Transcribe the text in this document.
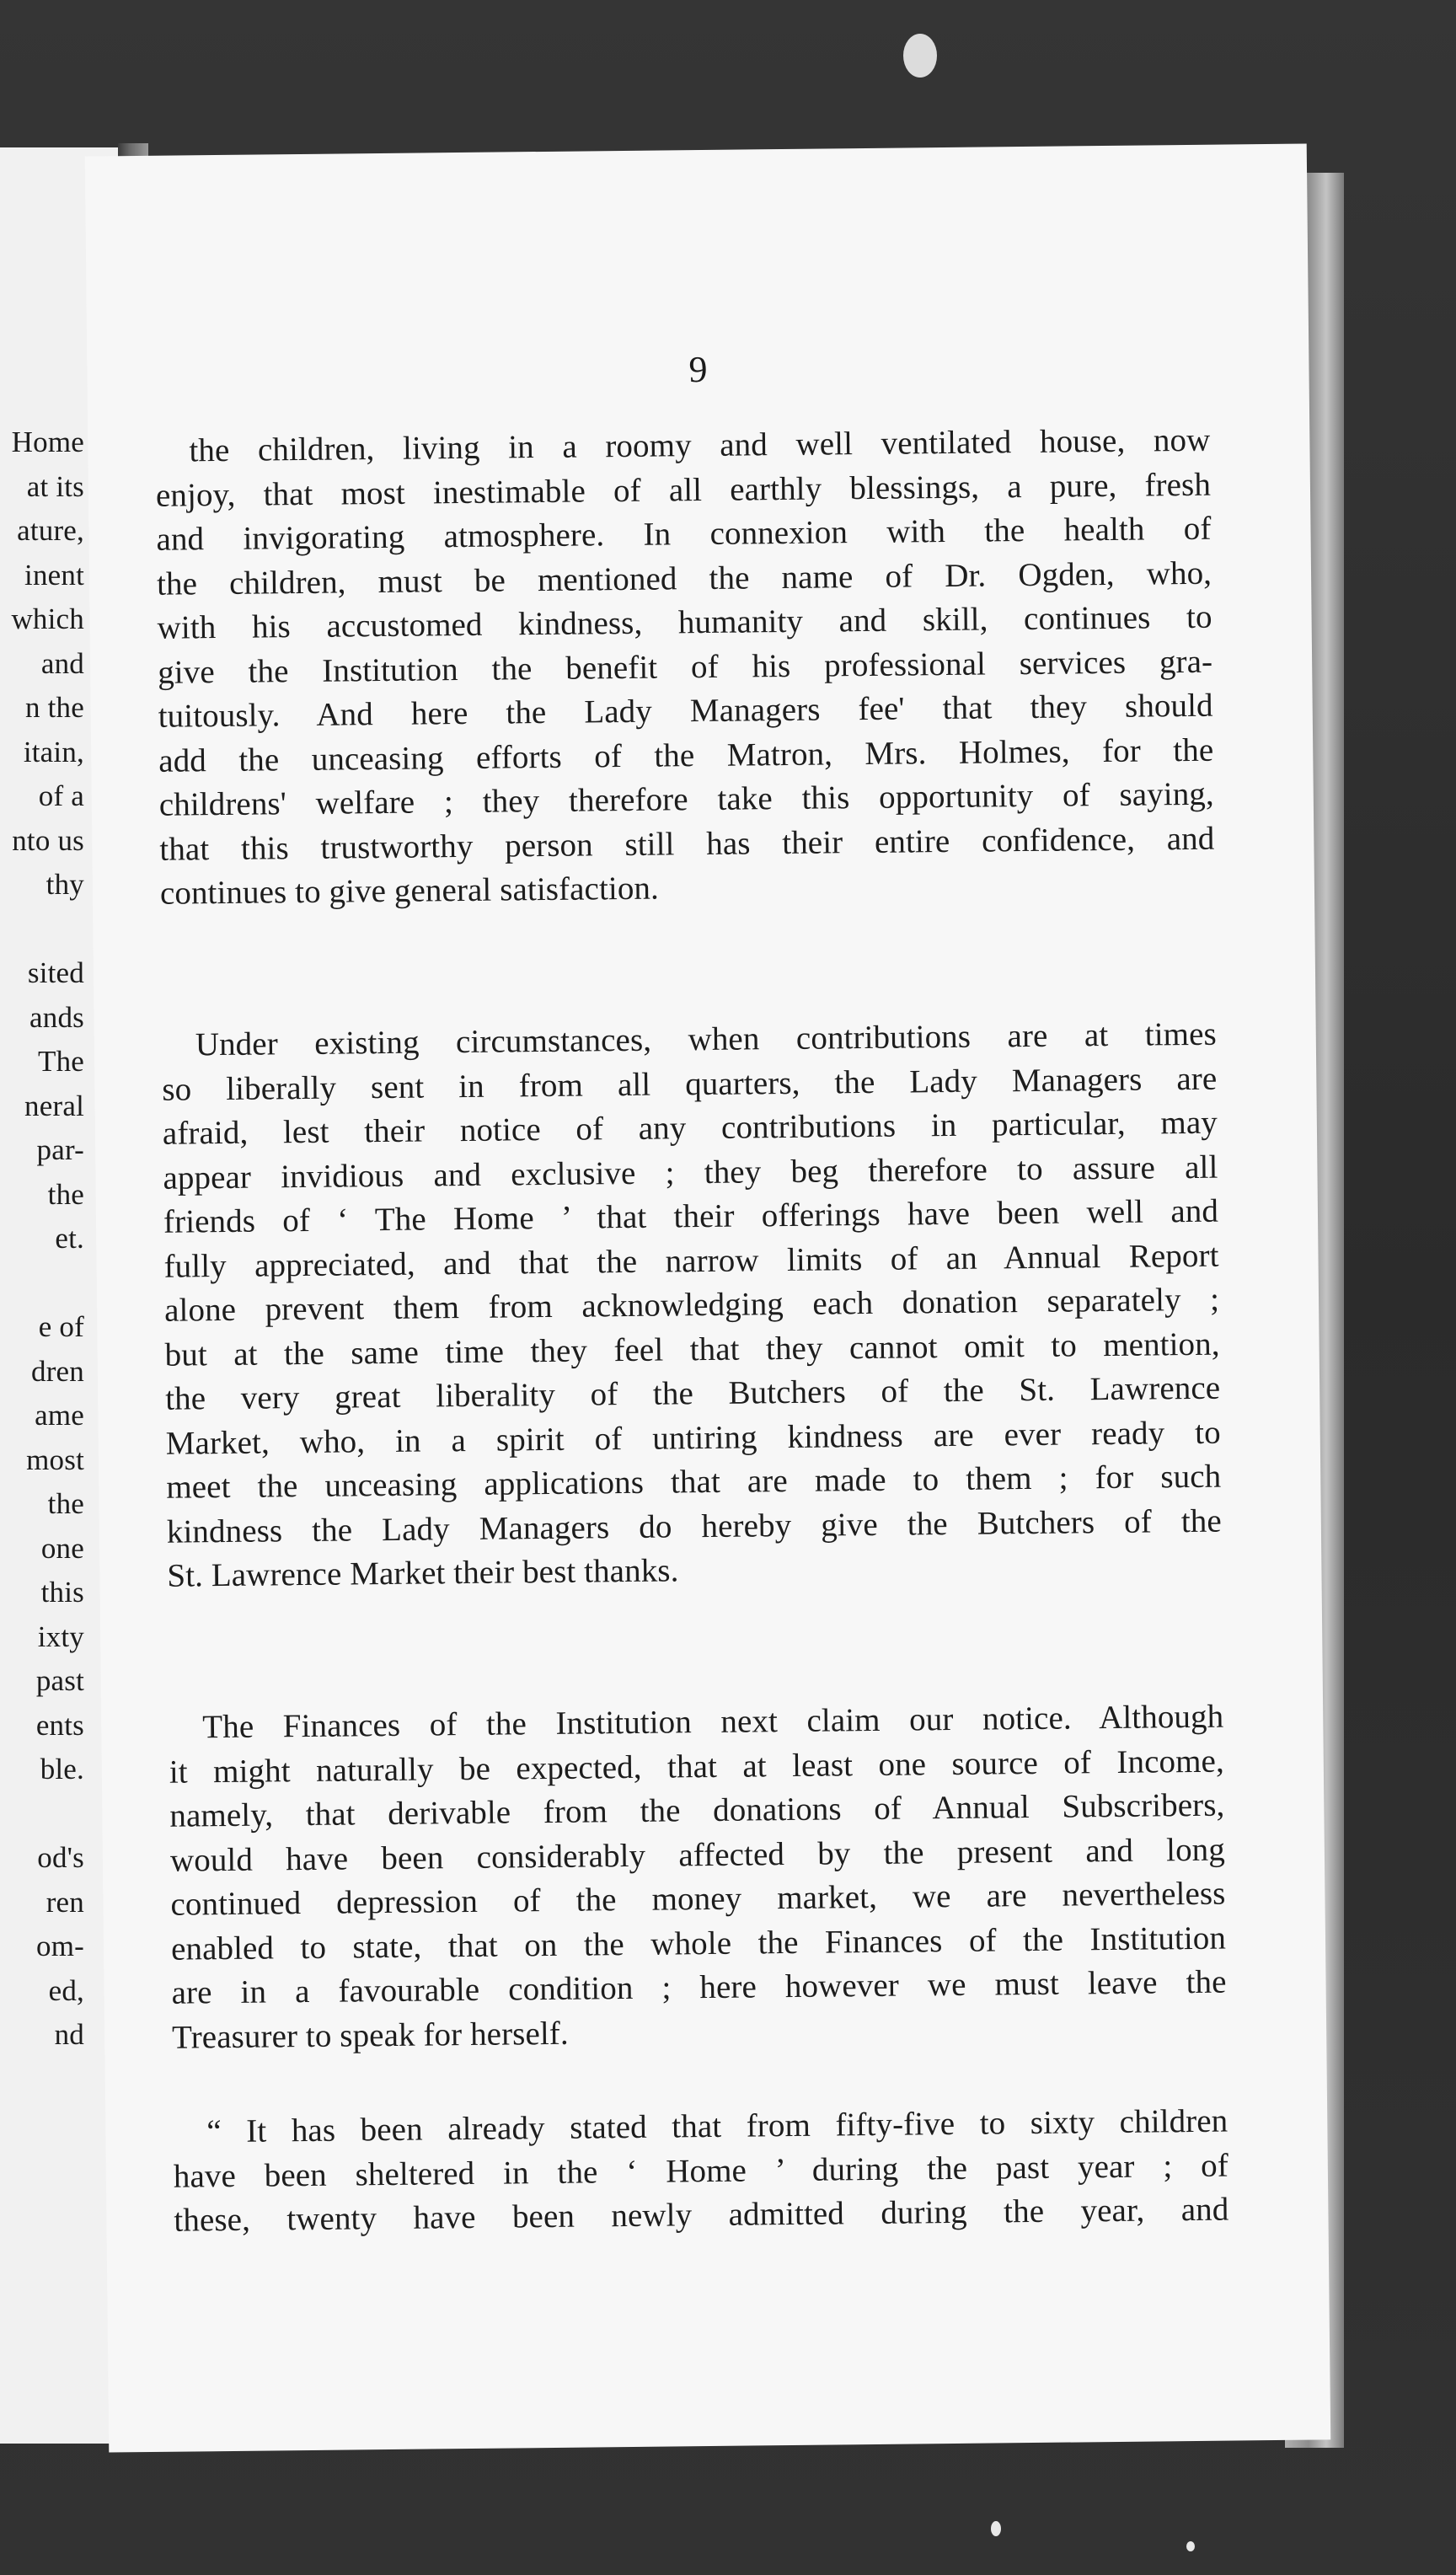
Home
at its
ature,
inent
which
and
n the
itain,
of a
nto us
thy
sited
ands
The
neral
par-
the
et.
e of
dren
ame
most
the
one
this
ixty
past
ents
ble.
od's
ren
om-
ed,
nd
9
the children, living in a roomy and well ventilated house, now
enjoy, that most inestimable of all earthly blessings, a pure, fresh
and invigorating atmosphere. In connexion with the health of
the children, must be mentioned the name of Dr. Ogden, who,
with his accustomed kindness, humanity and skill, continues to
give the Institution the benefit of his professional services gra-
tuitously. And here the Lady Managers fee' that they should
add the unceasing efforts of the Matron, Mrs. Holmes, for the
childrens' welfare ; they therefore take this opportunity of saying,
that this trustworthy person still has their entire confidence, and
continues to give general satisfaction.
Under existing circumstances, when contributions are at times
so liberally sent in from all quarters, the Lady Managers are
afraid, lest their notice of any contributions in particular, may
appear invidious and exclusive ; they beg therefore to assure all
friends of ‘ The Home ’ that their offerings have been well and
fully appreciated, and that the narrow limits of an Annual Report
alone prevent them from acknowledging each donation separately ;
but at the same time they feel that they cannot omit to mention,
the very great liberality of the Butchers of the St. Lawrence
Market, who, in a spirit of untiring kindness are ever ready to
meet the unceasing applications that are made to them ; for such
kindness the Lady Managers do hereby give the Butchers of the
St. Lawrence Market their best thanks.
The Finances of the Institution next claim our notice. Although
it might naturally be expected, that at least one source of Income,
namely, that derivable from the donations of Annual Subscribers,
would have been considerably affected by the present and long
continued depression of the money market, we are nevertheless
enabled to state, that on the whole the Finances of the Institution
are in a favourable condition ; here however we must leave the
Treasurer to speak for herself.
“ It has been already stated that from fifty-five to sixty children
have been sheltered in the ‘ Home ’ during the past year ; of
these, twenty have been newly admitted during the year, and
